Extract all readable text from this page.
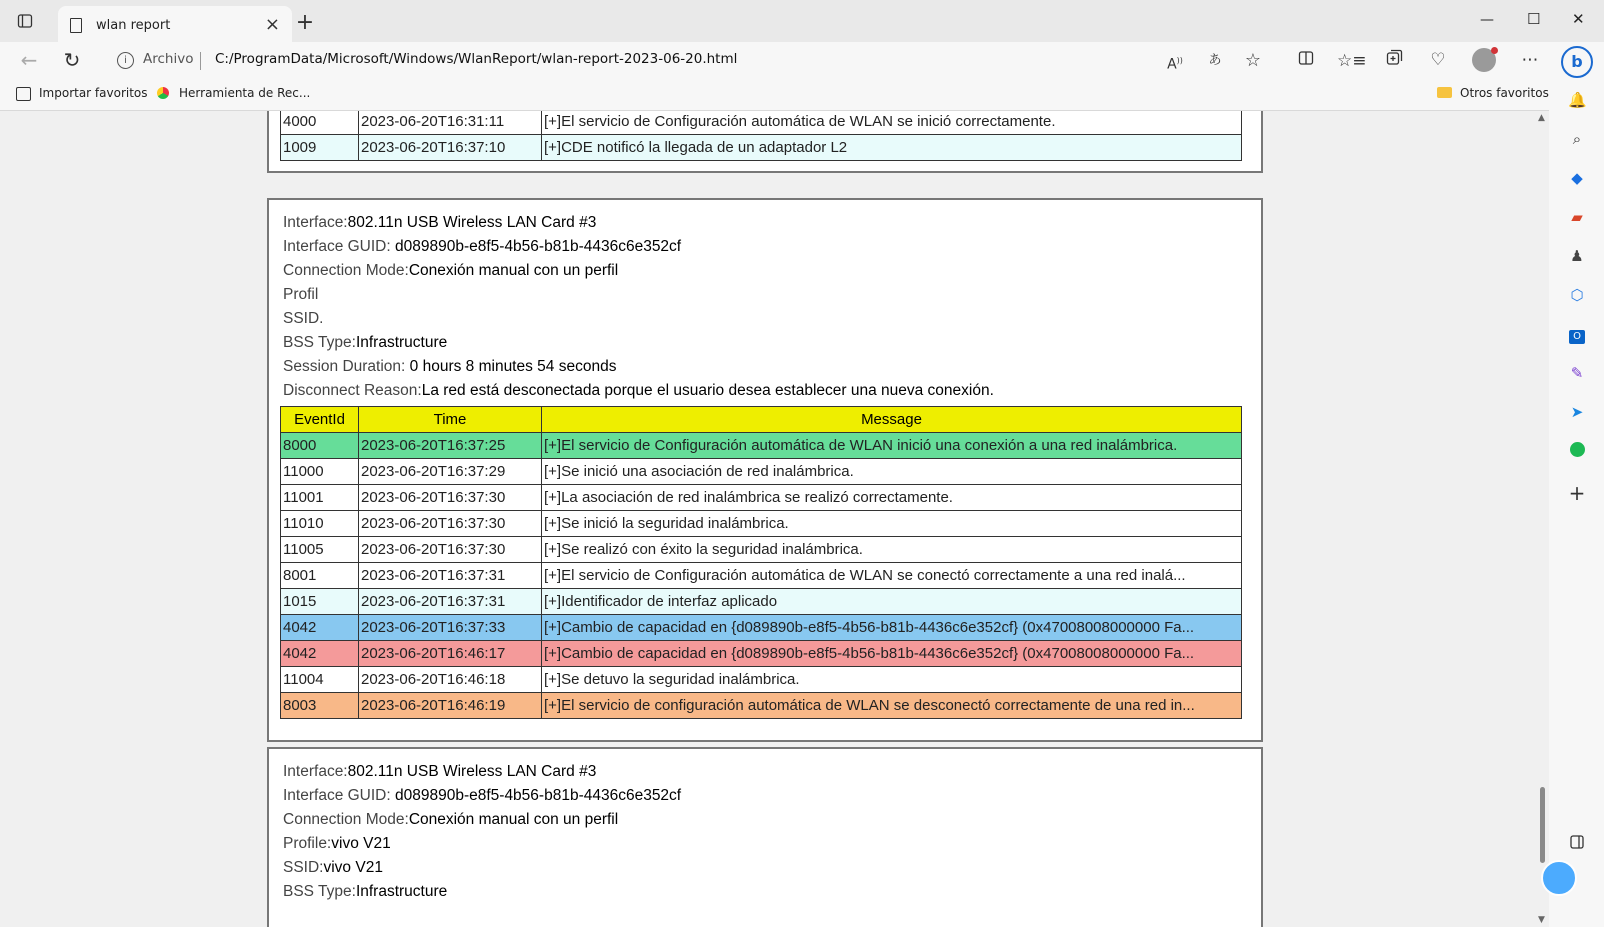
wlan report	× +	— ☐ ✕
← ↻	i	Archivo C:/ProgramData/Microsoft/Windows/WlanReport/wlan-report-2023-06-20.html	A))	あ	☆	☆≡	♡	⋯
Importar favoritos	Herramienta de Rec...	Otros favoritos
4000	2023-06-20T16:31:11	[+]El servicio de Configuración automática de WLAN se inició correctamente.
1009	2023-06-20T16:37:10	[+]CDE notificó la llegada de un adaptador L2
Interface:802.11n USB Wireless LAN Card #3
Interface GUID: d089890b-e8f5-4b56-b81b-4436c6e352cf
Connection Mode:Conexión manual con un perfil
Profil
SSID.
BSS Type:Infrastructure
Session Duration: 0 hours 8 minutes 54 seconds
Disconnect Reason:La red está desconectada porque el usuario desea establecer una nueva conexión.
EventId	Time	Message
8000	2023-06-20T16:37:25	[+]El servicio de Configuración automática de WLAN inició una conexión a una red inalámbrica.
11000	2023-06-20T16:37:29	[+]Se inició una asociación de red inalámbrica.
11001	2023-06-20T16:37:30	[+]La asociación de red inalámbrica se realizó correctamente.
11010	2023-06-20T16:37:30	[+]Se inició la seguridad inalámbrica.
11005	2023-06-20T16:37:30	[+]Se realizó con éxito la seguridad inalámbrica.
8001	2023-06-20T16:37:31	[+]El servicio de Configuración automática de WLAN se conectó correctamente a una red inalá...
1015	2023-06-20T16:37:31	[+]Identificador de interfaz aplicado
4042	2023-06-20T16:37:33	[+]Cambio de capacidad en {d089890b-e8f5-4b56-b81b-4436c6e352cf} (0x47008008000000 Fa...
4042	2023-06-20T16:46:17	[+]Cambio de capacidad en {d089890b-e8f5-4b56-b81b-4436c6e352cf} (0x47008008000000 Fa...
11004	2023-06-20T16:46:18	[+]Se detuvo la seguridad inalámbrica.
8003	2023-06-20T16:46:19	[+]El servicio de configuración automática de WLAN se desconectó correctamente de una red in...
Interface:802.11n USB Wireless LAN Card #3
Interface GUID: d089890b-e8f5-4b56-b81b-4436c6e352cf
Connection Mode:Conexión manual con un perfil
Profile:vivo V21
SSID:vivo V21
BSS Type:Infrastructure
▲
▼
b
🔔
⌕
◆
▰
♟
⬡
O
✎
➤
+
